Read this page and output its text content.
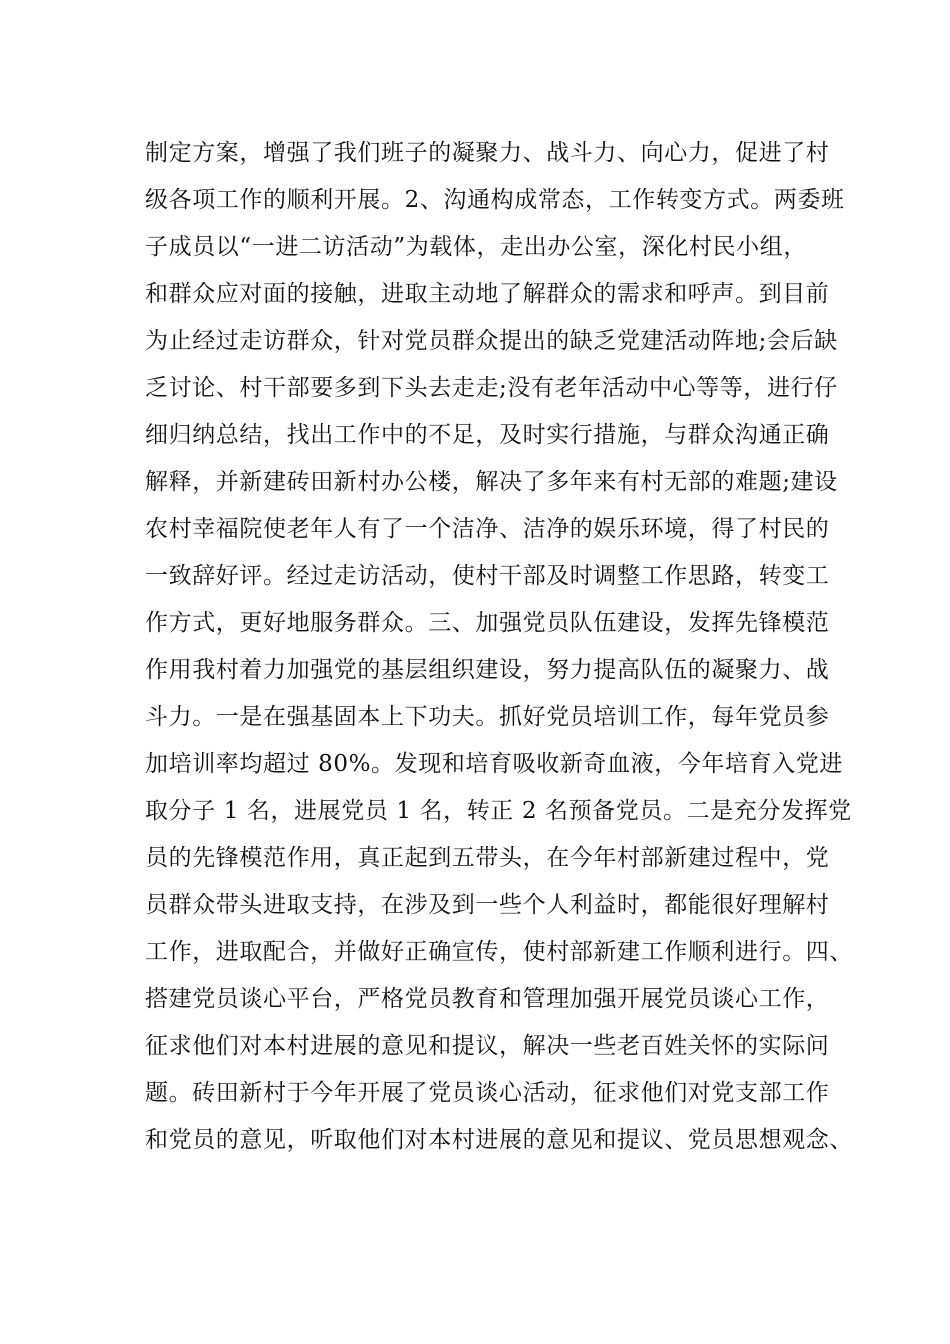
制定方案，增强了我们班子的凝聚力、战斗力、向心力，促进了村
级各项工作的顺利开展。2、沟通构成常态，工作转变方式。两委班
子成员以“一进二访活动”为载体，走出办公室，深化村民小组，
和群众应对面的接触，进取主动地了解群众的需求和呼声。到目前
为止经过走访群众，针对党员群众提出的缺乏党建活动阵地;会后缺
乏讨论、村干部要多到下头去走走;没有老年活动中心等等，进行仔
细归纳总结，找出工作中的不足，及时实行措施，与群众沟通正确
解释，并新建砖田新村办公楼，解决了多年来有村无部的难题;建设
农村幸福院使老年人有了一个洁净、洁净的娱乐环境，得了村民的
一致辞好评。经过走访活动，使村干部及时调整工作思路，转变工
作方式，更好地服务群众。三、加强党员队伍建设，发挥先锋模范
作用我村着力加强党的基层组织建设，努力提高队伍的凝聚力、战
斗力。一是在强基固本上下功夫。抓好党员培训工作，每年党员参
加培训率均超过 80%。发现和培育吸收新奇血液，今年培育入党进
取分子 1 名，进展党员 1 名，转正 2 名预备党员。二是充分发挥党
员的先锋模范作用，真正起到五带头，在今年村部新建过程中，党
员群众带头进取支持，在涉及到一些个人利益时，都能很好理解村
工作，进取配合，并做好正确宣传，使村部新建工作顺利进行。四、
搭建党员谈心平台，严格党员教育和管理加强开展党员谈心工作，
征求他们对本村进展的意见和提议，解决一些老百姓关怀的实际问
题。砖田新村于今年开展了党员谈心活动，征求他们对党支部工作
和党员的意见，听取他们对本村进展的意见和提议、党员思想观念、
